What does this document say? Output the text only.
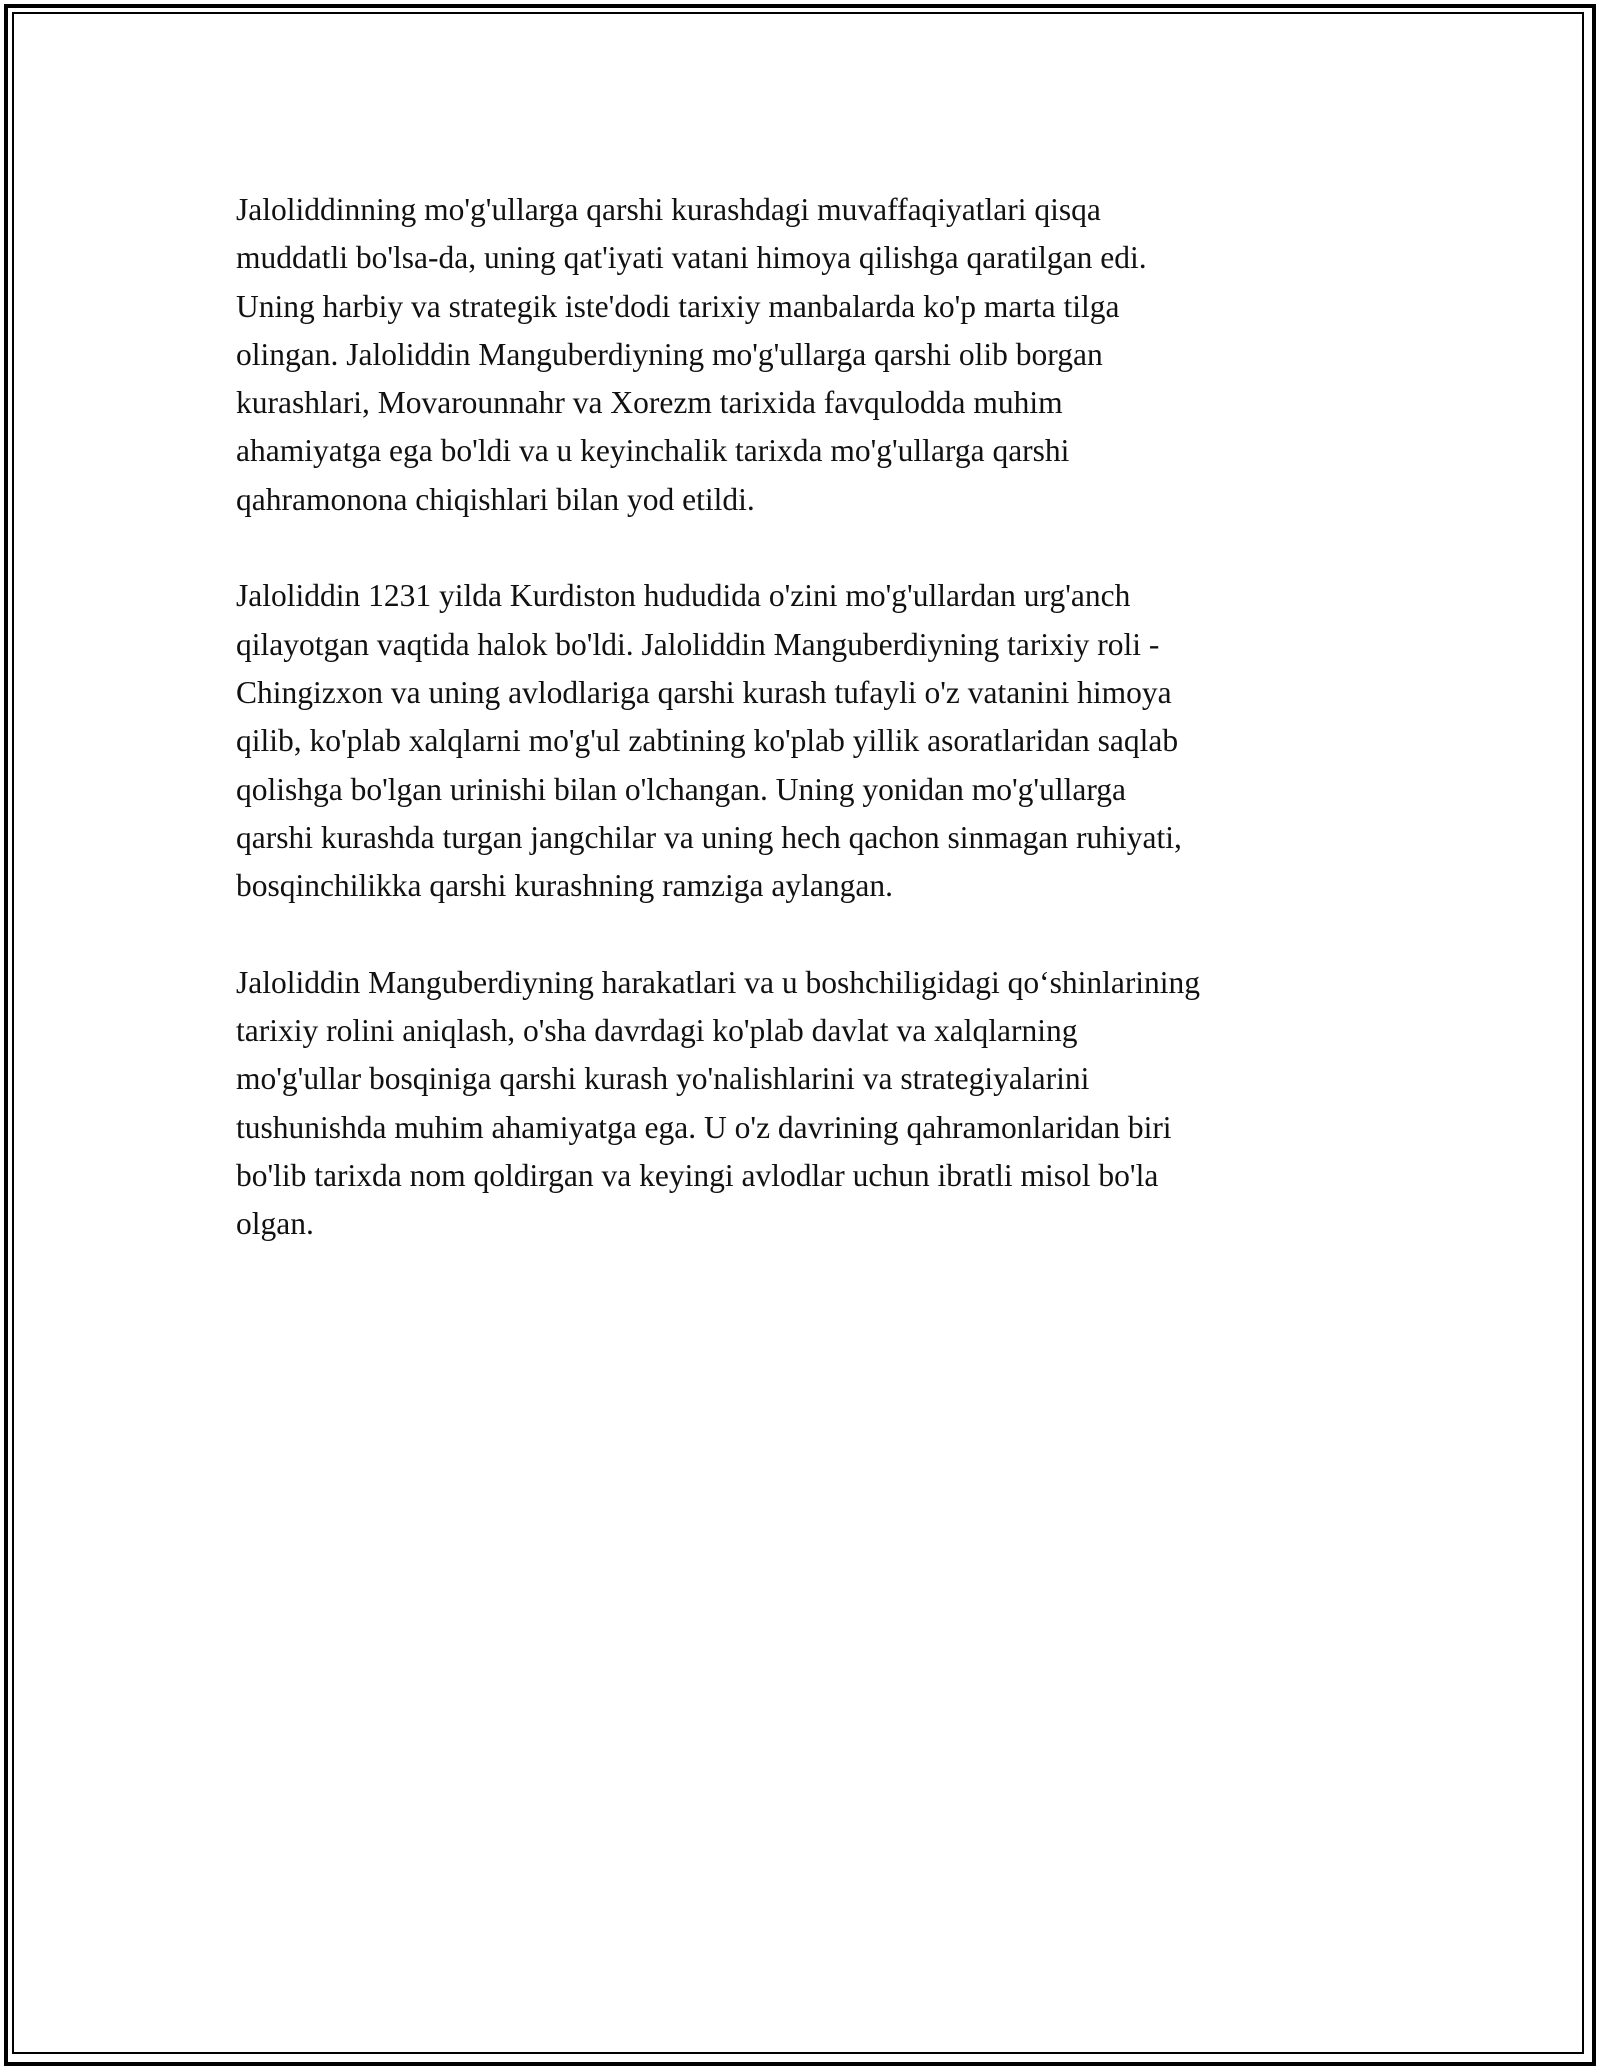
Jaloliddinning mo'g'ullarga qarshi kurashdagi muvaffaqiyatlari qisqa
muddatli bo'lsa-da, uning qat'iyati vatani himoya qilishga qaratilgan edi.
Uning harbiy va strategik iste'dodi tarixiy manbalarda ko'p marta tilga
olingan. Jaloliddin Manguberdiyning mo'g'ullarga qarshi olib borgan
kurashlari, Movarounnahr va Xorezm tarixida favqulodda muhim
ahamiyatga ega bo'ldi va u keyinchalik tarixda mo'g'ullarga qarshi
qahramonona chiqishlari bilan yod etildi.

Jaloliddin 1231 yilda Kurdiston hududida o'zini mo'g'ullardan urg'anch
qilayotgan vaqtida halok bo'ldi. Jaloliddin Manguberdiyning tarixiy roli -
Chingizxon va uning avlodlariga qarshi kurash tufayli o'z vatanini himoya
qilib, ko'plab xalqlarni mo'g'ul zabtining ko'plab yillik asoratlaridan saqlab
qolishga bo'lgan urinishi bilan o'lchangan. Uning yonidan mo'g'ullarga
qarshi kurashda turgan jangchilar va uning hech qachon sinmagan ruhiyati,
bosqinchilikka qarshi kurashning ramziga aylangan.

Jaloliddin Manguberdiyning harakatlari va u boshchiligidagi qo‘shinlarining
tarixiy rolini aniqlash, o'sha davrdagi ko'plab davlat va xalqlarning
mo'g'ullar bosqiniga qarshi kurash yo'nalishlarini va strategiyalarini
tushunishda muhim ahamiyatga ega. U o'z davrining qahramonlaridan biri
bo'lib tarixda nom qoldirgan va keyingi avlodlar uchun ibratli misol bo'la
olgan.
